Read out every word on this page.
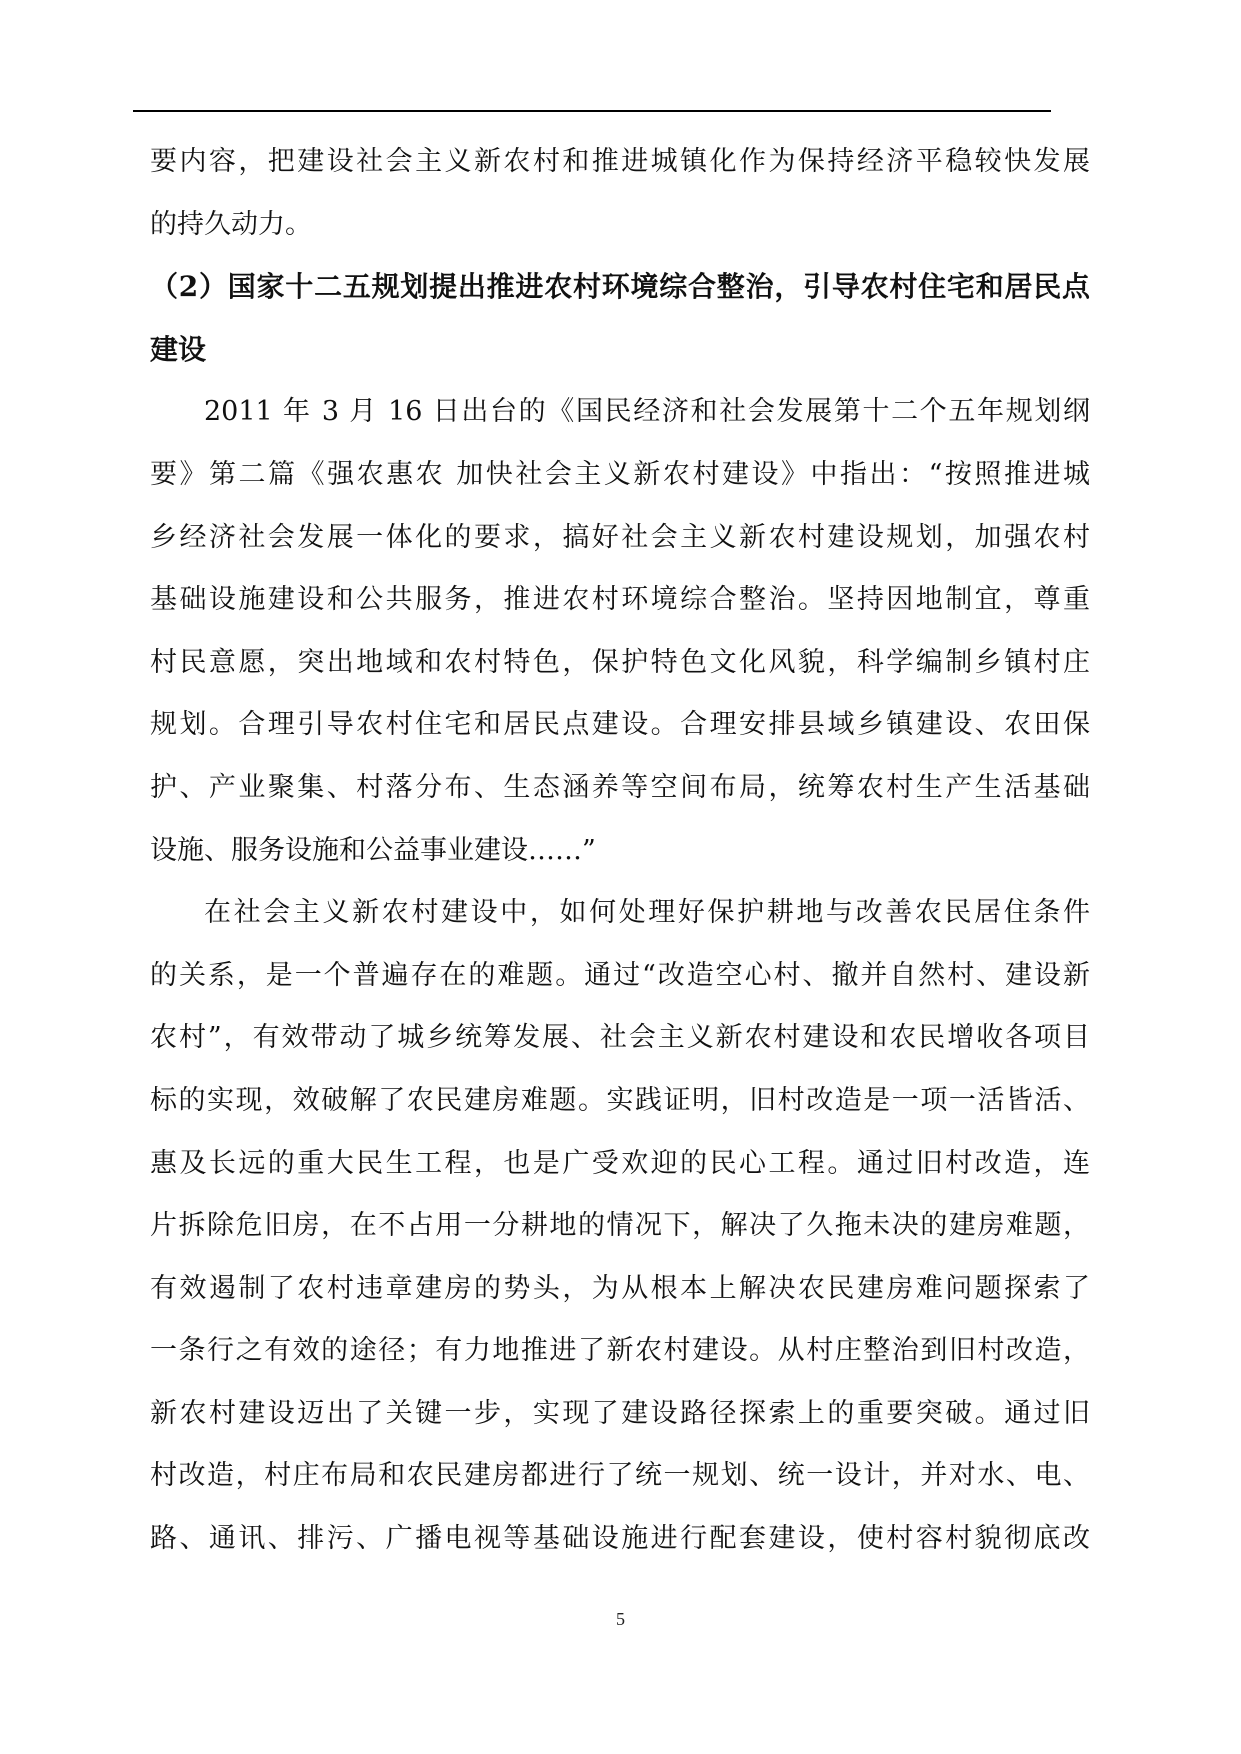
要内容，把建设社会主义新农村和推进城镇化作为保持经济平稳较快发展
的持久动力。
（2）国家十二五规划提出推进农村环境综合整治，引导农村住宅和居民点
建设
2011 年 3 月 16 日出台的《国民经济和社会发展第十二个五年规划纲
要》第二篇《强农惠农 加快社会主义新农村建设》中指出：“按照推进城
乡经济社会发展一体化的要求，搞好社会主义新农村建设规划，加强农村
基础设施建设和公共服务，推进农村环境综合整治。坚持因地制宜，尊重
村民意愿，突出地域和农村特色，保护特色文化风貌，科学编制乡镇村庄
规划。合理引导农村住宅和居民点建设。合理安排县域乡镇建设、农田保
护、产业聚集、村落分布、生态涵养等空间布局，统筹农村生产生活基础
设施、服务设施和公益事业建设……”
在社会主义新农村建设中，如何处理好保护耕地与改善农民居住条件
的关系，是一个普遍存在的难题。通过“改造空心村、撤并自然村、建设新
农村”，有效带动了城乡统筹发展、社会主义新农村建设和农民增收各项目
标的实现，效破解了农民建房难题。实践证明，旧村改造是一项一活皆活、
惠及长远的重大民生工程，也是广受欢迎的民心工程。通过旧村改造，连
片拆除危旧房，在不占用一分耕地的情况下，解决了久拖未决的建房难题，
有效遏制了农村违章建房的势头，为从根本上解决农民建房难问题探索了
一条行之有效的途径；有力地推进了新农村建设。从村庄整治到旧村改造，
新农村建设迈出了关键一步，实现了建设路径探索上的重要突破。通过旧
村改造，村庄布局和农民建房都进行了统一规划、统一设计，并对水、电、
路、通讯、排污、广播电视等基础设施进行配套建设，使村容村貌彻底改
5
